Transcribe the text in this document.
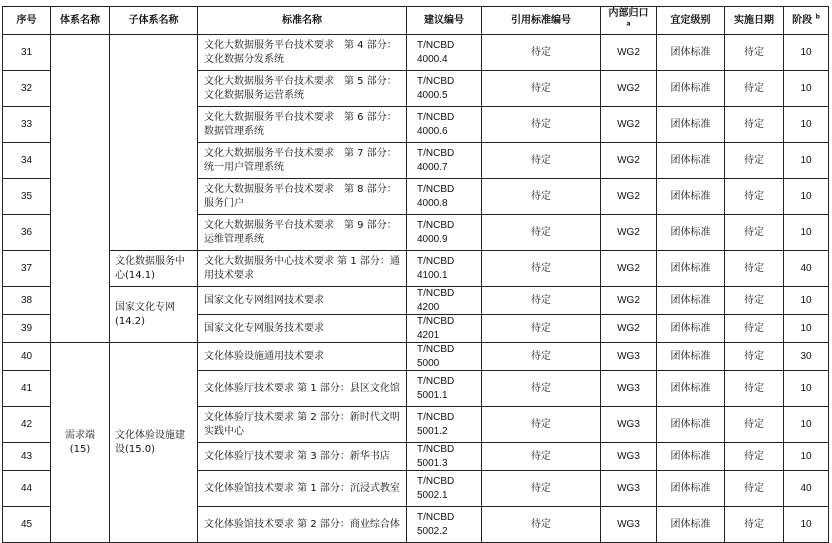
序号	体系名称	子体系名称	标准名称	建议编号	引用标准编号	内部归口 $^a$	宜定级别	实施日期	阶段 $^b$
31			文化大数据服务平台技术要求　第 4 部分：文化数据分发系统	T/NCBD 4000.4	待定	WG2	团体标准	待定	10
32			文化大数据服务平台技术要求　第 5 部分：文化数据服务运营系统	T/NCBD 4000.5	待定	WG2	团体标准	待定	10
33			文化大数据服务平台技术要求　第 6 部分：数据管理系统	T/NCBD 4000.6	待定	WG2	团体标准	待定	10
34			文化大数据服务平台技术要求　第 7 部分：统一用户管理系统	T/NCBD 4000.7	待定	WG2	团体标准	待定	10
35			文化大数据服务平台技术要求　第 8 部分：服务门户	T/NCBD 4000.8	待定	WG2	团体标准	待定	10
36			文化大数据服务平台技术要求　第 9 部分：运维管理系统	T/NCBD 4000.9	待定	WG2	团体标准	待定	10
37		文化数据服务中心(14.1)	文化大数据服务中心技术要求 第 1 部分：通用技术要求	T/NCBD 4100.1	待定	WG2	团体标准	待定	40
38		国家文化专网(14.2)	国家文化专网组网技术要求	T/NCBD 4200	待定	WG2	团体标准	待定	10
39			国家文化专网服务技术要求	T/NCBD 4201	待定	WG2	团体标准	待定	10
40	需求端
(15)	文化体验设施建设(15.0)	文化体验设施通用技术要求	T/NCBD 5000	待定	WG3	团体标准	待定	30
41			文化体验厅技术要求 第 1 部分：县区文化馆	T/NCBD 5001.1	待定	WG3	团体标准	待定	10
42			文化体验厅技术要求 第 2 部分：新时代文明实践中心	T/NCBD 5001.2	待定	WG3	团体标准	待定	10
43			文化体验厅技术要求 第 3 部分：新华书店	T/NCBD 5001.3	待定	WG3	团体标准	待定	10
44			文化体验馆技术要求 第 1 部分：沉浸式教室	T/NCBD 5002.1	待定	WG3	团体标准	待定	40
45			文化体验馆技术要求 第 2 部分：商业综合体	T/NCBD 5002.2	待定	WG3	团体标准	待定	10
